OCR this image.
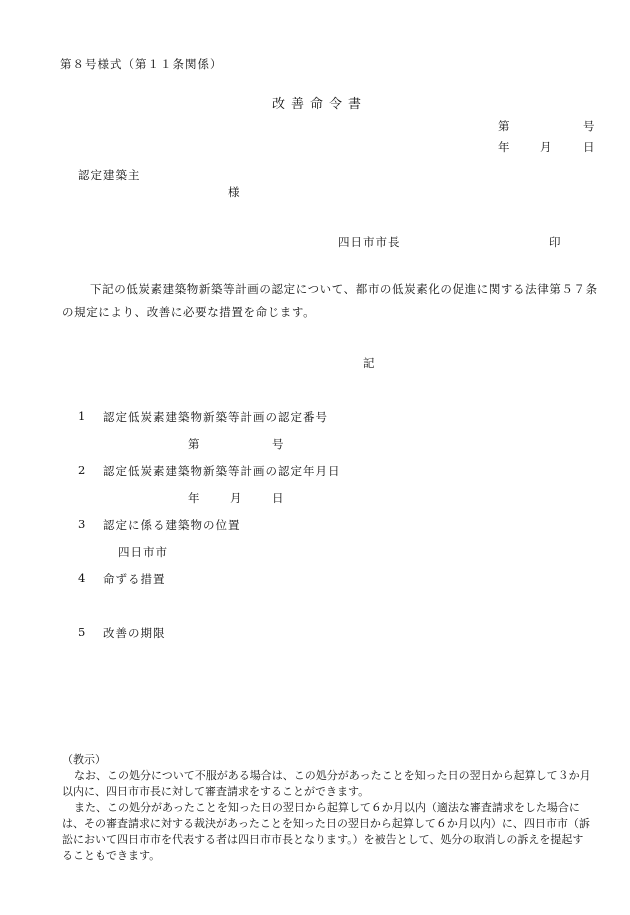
第８号様式（第１１条関係）
改善命令書
第	号
年	月	日
認定建築主
様
四日市市長	印
下記の低炭素建築物新築等計画の認定について、都市の低炭素化の促進に関する法律第５７条の規定により、改善に必要な措置を命じます。
記
1 認定低炭素建築物新築等計画の認定番号
第	号
2 認定低炭素建築物新築等計画の認定年月日
年	月	日
3 認定に係る建築物の位置
四日市市
4 命ずる措置
5 改善の期限

（教示）

なお、この処分について不服がある場合は、この処分があったことを知った日の翌日から起算して３か月以内に、四日市市長に対して審査請求をすることができます。

また、この処分があったことを知った日の翌日から起算して６か月以内（適法な審査請求をした場合には、その審査請求に対する裁決があったことを知った日の翌日から起算して６か月以内）に、四日市市（訴訟において四日市市を代表する者は四日市市長となります。）を被告として、処分の取消しの訴えを提起することもできます。
